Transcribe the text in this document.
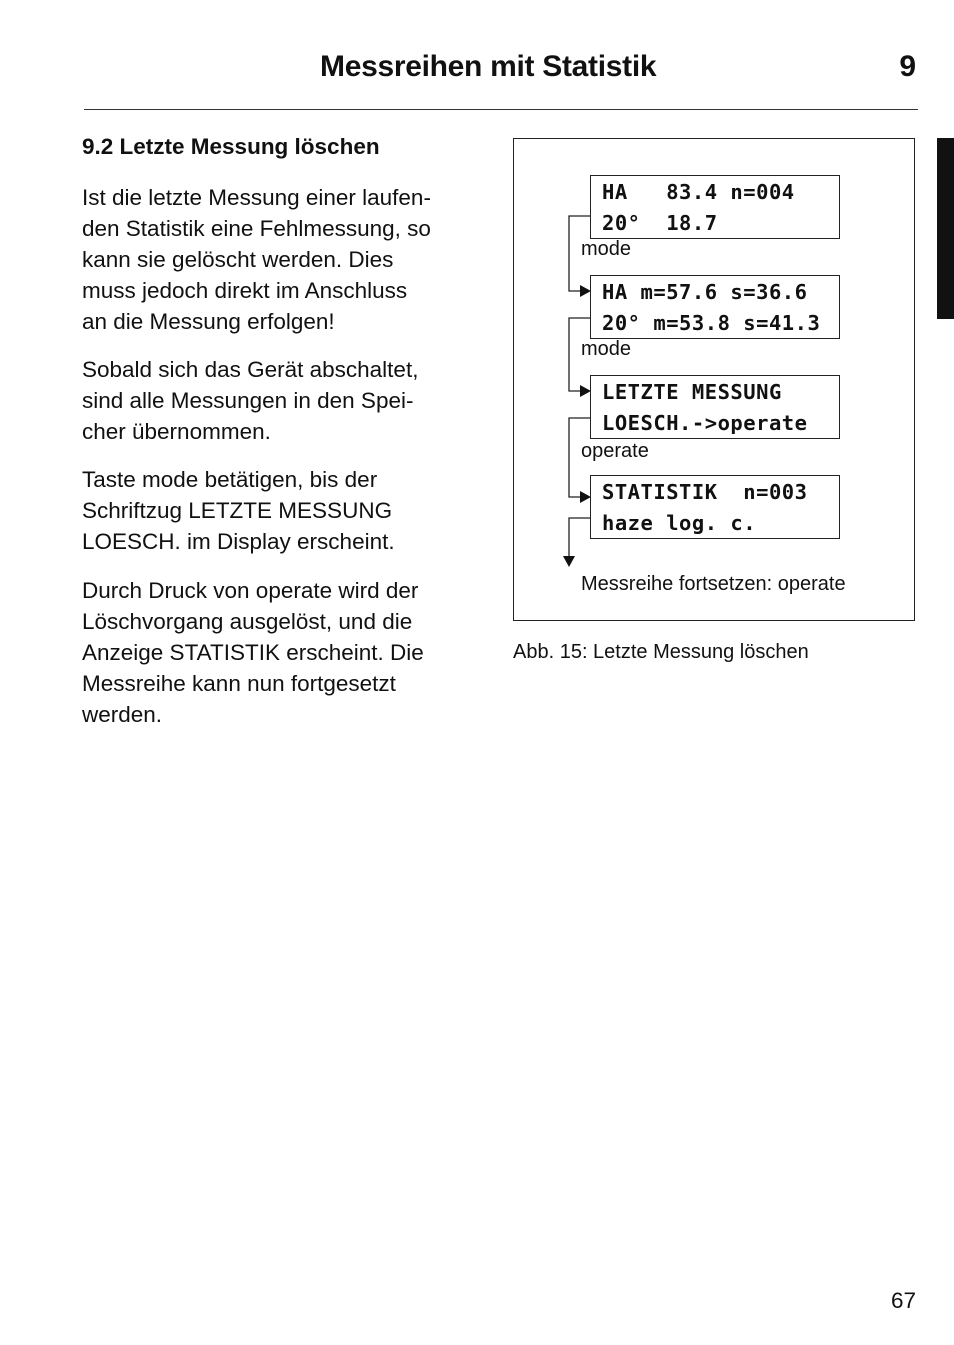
Messreihen mit Statistik	9
9.2 Letzte Messung löschen

Ist die letzte Messung einer laufen-
den Statistik eine Fehlmessung, so
kann sie gelöscht werden. Dies
muss jedoch direkt im Anschluss
an die Messung erfolgen!

Sobald sich das Gerät abschaltet,
sind alle Messungen in den Spei-
cher übernommen.

Taste mode betätigen, bis der
Schriftzug LETZTE MESSUNG
LOESCH. im Display erscheint.

Durch Druck von operate wird der
Löschvorgang ausgelöst, und die
Anzeige STATISTIK erscheint. Die
Messreihe kann nun fortgesetzt
werden.

HA   83.4 n=004
20°  18.7
mode
HA m=57.6 s=36.6
20° m=53.8 s=41.3
mode
LETZTE MESSUNG
LOESCH.->operate
operate
STATISTIK  n=003
haze log. c.
Messreihe fortsetzen: operate
Abb. 15: Letzte Messung löschen
67
